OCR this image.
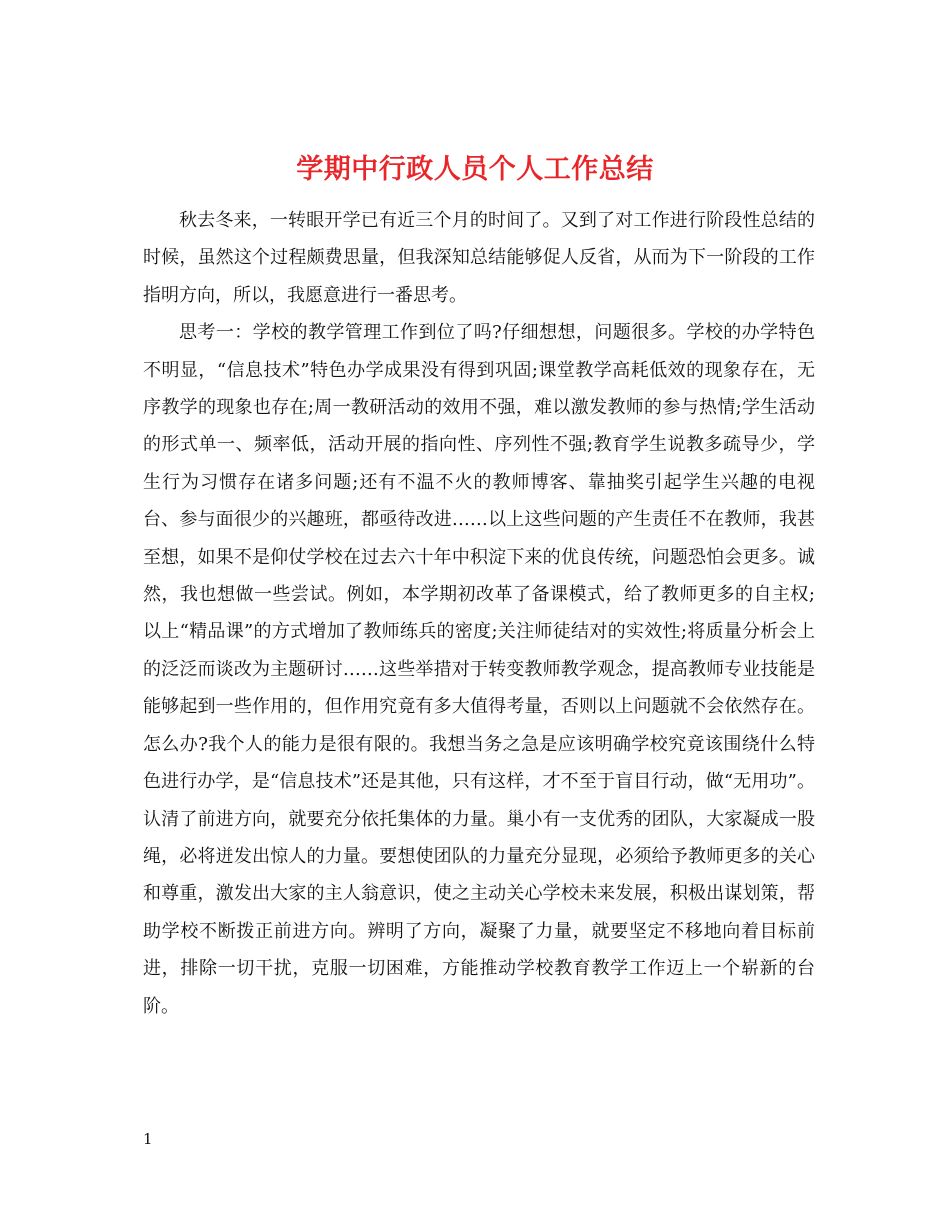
学期中行政人员个人工作总结

秋去冬来，一转眼开学已有近三个月的时间了。又到了对工作进行阶段性总结的时候，虽然这个过程颇费思量，但我深知总结能够促人反省，从而为下一阶段的工作指明方向，所以，我愿意进行一番思考。

思考一：学校的教学管理工作到位了吗?仔细想想，问题很多。学校的办学特色不明显，“信息技术”特色办学成果没有得到巩固;课堂教学高耗低效的现象存在，无序教学的现象也存在;周一教研活动的效用不强，难以激发教师的参与热情;学生活动的形式单一、频率低，活动开展的指向性、序列性不强;教育学生说教多疏导少，学生行为习惯存在诸多问题;还有不温不火的教师博客、靠抽奖引起学生兴趣的电视台、参与面很少的兴趣班，都亟待改进……以上这些问题的产生责任不在教师，我甚至想，如果不是仰仗学校在过去六十年中积淀下来的优良传统，问题恐怕会更多。诚然，我也想做一些尝试。例如，本学期初改革了备课模式，给了教师更多的自主权;以上“精品课”的方式增加了教师练兵的密度;关注师徒结对的实效性;将质量分析会上的泛泛而谈改为主题研讨……这些举措对于转变教师教学观念，提高教师专业技能是能够起到一些作用的，但作用究竟有多大值得考量，否则以上问题就不会依然存在。怎么办?我个人的能力是很有限的。我想当务之急是应该明确学校究竟该围绕什么特色进行办学，是“信息技术”还是其他，只有这样，才不至于盲目行动，做“无用功”。认清了前进方向，就要充分依托集体的力量。巢小有一支优秀的团队，大家凝成一股绳，必将迸发出惊人的力量。要想使团队的力量充分显现，必须给予教师更多的关心和尊重，激发出大家的主人翁意识，使之主动关心学校未来发展，积极出谋划策，帮助学校不断拨正前进方向。辨明了方向，凝聚了力量，就要坚定不移地向着目标前进，排除一切干扰，克服一切困难，方能推动学校教育教学工作迈上一个崭新的台阶。

1
